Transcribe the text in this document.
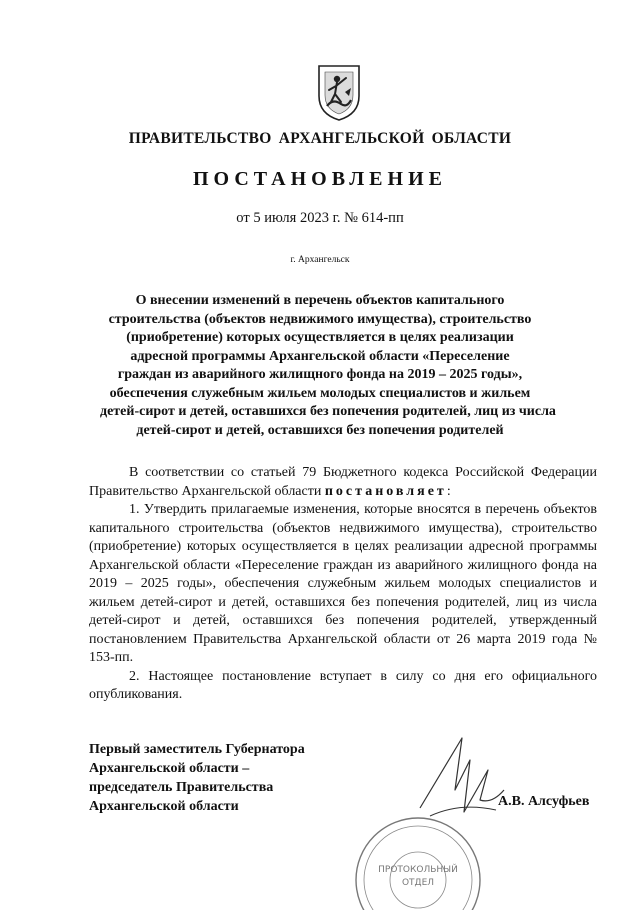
ПРАВИТЕЛЬСТВО АРХАНГЕЛЬСКОЙ ОБЛАСТИ
ПОСТАНОВЛЕНИЕ
от 5 июля 2023 г. № 614-пп
г. Архангельск
О внесении изменений в перечень объектов капитального
строительства (объектов недвижимого имущества), строительство
(приобретение) которых осуществляется в целях реализации
адресной программы Архангельской области «Переселение
граждан из аварийного жилищного фонда на 2019 – 2025 годы»,
обеспечения служебным жильем молодых специалистов и жильем
детей-сирот и детей, оставшихся без попечения родителей, лиц из числа
детей-сирот и детей, оставшихся без попечения родителей

В соответствии со статьей 79 Бюджетного кодекса Российской Федерации Правительство Архангельской области постановляет:

1. Утвердить прилагаемые изменения, которые вносятся в перечень объектов капитального строительства (объектов недвижимого имущества), строительство (приобретение) которых осуществляется в целях реализации адресной программы Архангельской области «Переселение граждан из аварийного жилищного фонда на 2019 – 2025 годы», обеспечения служебным жильем молодых специалистов и жильем детей-сирот и детей, оставшихся без попечения родителей, лиц из числа детей-сирот и детей, оставшихся без попечения родителей, утвержденный постановлением Правительства Архангельской области от 26 марта 2019 года № 153-пп.

2. Настоящее постановление вступает в силу со дня его официального опубликования.

ПРОТОКОЛЬНЫЙ
ОТДЕЛ
Первый заместитель Губернатора
Архангельской области –
председатель Правительства
Архангельской области	А.В. Алсуфьев
